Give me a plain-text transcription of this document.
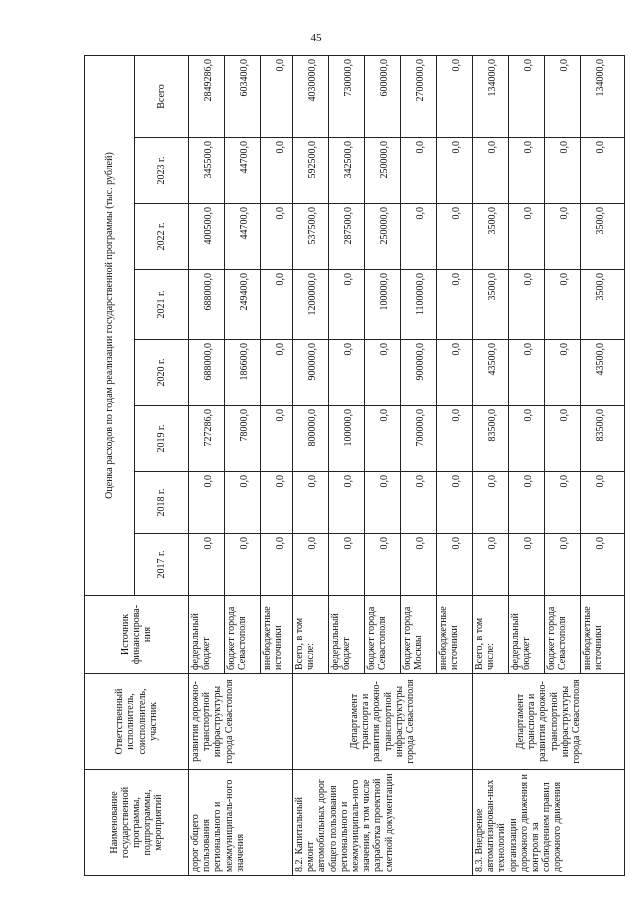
45
Наименование государственной программы, подпрограммы, мероприятий	Ответственный исполнитель, соисполнитель, участник	Источник финансирова-ния	Оценка расходов по годам реализации государственной программы (тыс. рублей)							
			2017 г.	2018 г.	2019 г.	2020 г.	2021 г.	2022 г.	2023 г.	Всего
дорог общего пользования регионального и межмуниципаль-ного значения	развития дорожно-транспортной инфраструктуры города Севастополя	федеральный бюджет	0,0	0,0	727286,0	688000,0	688000,0	400500,0	345500,0	2849286,0
		бюджет города Севастополя	0,0	0,0	78000,0	186600,0	249400,0	44700,0	44700,0	603400,0
		внебюджетные источники	0,0	0,0	0,0	0,0	0,0	0,0	0,0	0,0
8.2. Капитальный ремонт автомобильных дорог общего пользования регионального и межмуниципаль-ного значения, в том числе разработка проектной сметной документации	Департамент транспорта и развития дорожно-транспортной инфраструктуры города Севастополя	Всего, в том числе:	0,0	0,0	800000,0	900000,0	1200000,0	537500,0	592500,0	4030000,0
		федеральный бюджет	0,0	0,0	100000,0	0,0	0,0	287500,0	342500,0	730000,0
		бюджет города Севастополя	0,0	0,0	0,0	0,0	100000,0	250000,0	250000,0	600000,0
		бюджет города Москвы	0,0	0,0	700000,0	900000,0	1100000,0	0,0	0,0	2700000,0
		внебюджетные источники	0,0	0,0	0,0	0,0	0,0	0,0	0,0	0,0
8.3. Внедрение автоматизирован-ных технологий организации дорожного движения и контроля за соблюдением правил дорожного движения	Департамент транспорта и развития дорожно-транспортной инфраструктуры города Севастополя	Всего, в том числе:	0,0	0,0	83500,0	43500,0	3500,0	3500,0	0,0	134000,0
		федеральный бюджет	0,0	0,0	0,0	0,0	0,0	0,0	0,0	0,0
		бюджет города Севастополя	0,0	0,0	0,0	0,0	0,0	0,0	0,0	0,0
		внебюджетные источники	0,0	0,0	83500,0	43500,0	3500,0	3500,0	0,0	134000,0
